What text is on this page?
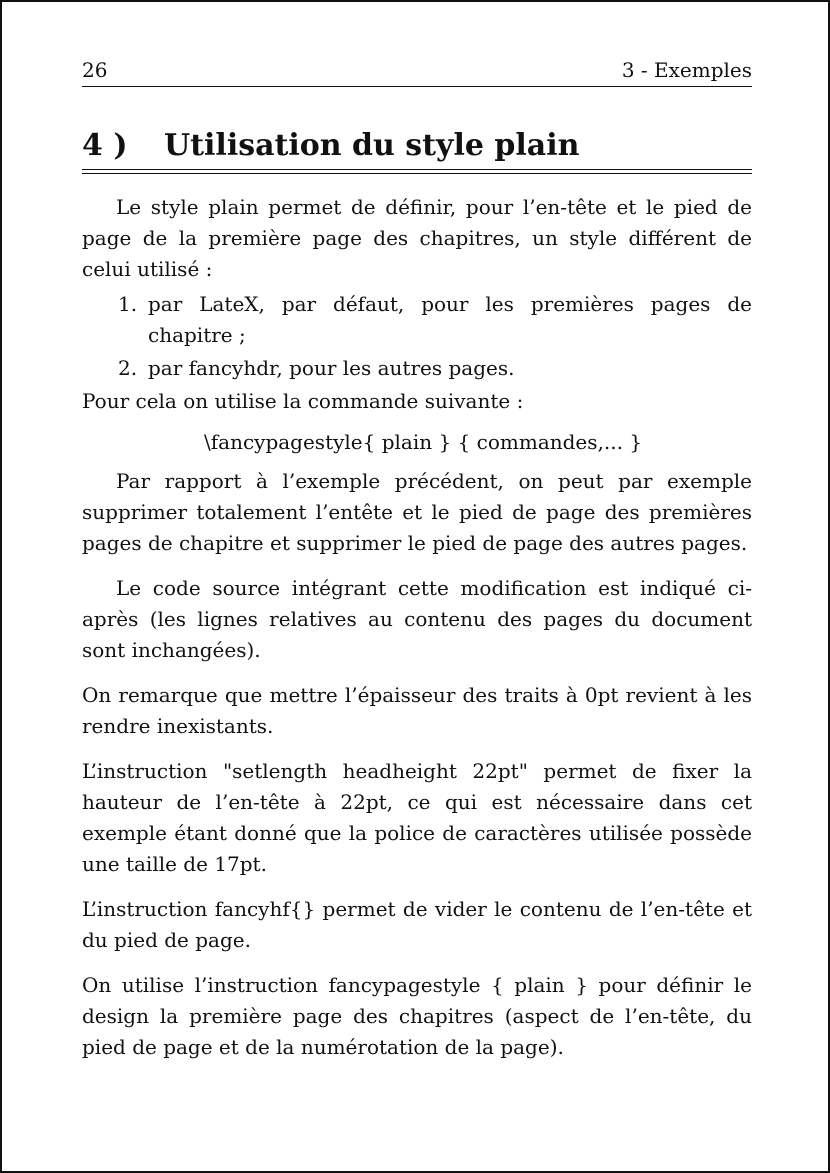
26	3 - Exemples
4 ) Utilisation du style plain

Le style plain permet de définir, pour l’en-tête et le pied de page de la première page des chapitres, un style différent de celui utilisé :

1. par LateX, par défaut, pour les premières pages de chapitre ;
2. par fancyhdr, pour les autres pages.

Pour cela on utilise la commande suivante :

\fancypagestyle{ plain } { commandes,... }

Par rapport à l’exemple précédent, on peut par exemple supprimer totalement l’entête et le pied de page des premières pages de chapitre et supprimer le pied de page des autres pages.

Le code source intégrant cette modification est indiqué ci-après (les lignes relatives au contenu des pages du document sont inchangées).

On remarque que mettre l’épaisseur des traits à 0pt revient à les rendre inexistants.

L’instruction "setlength headheight 22pt" permet de fixer la hauteur de l’en-tête à 22pt, ce qui est nécessaire dans cet exemple étant donné que la police de caractères utilisée possède une taille de 17pt.

L’instruction fancyhf{} permet de vider le contenu de l’en-tête et du pied de page.

On utilise l’instruction fancypagestyle { plain } pour définir le design la première page des chapitres (aspect de l’en-tête, du pied de page et de la numérotation de la page).
